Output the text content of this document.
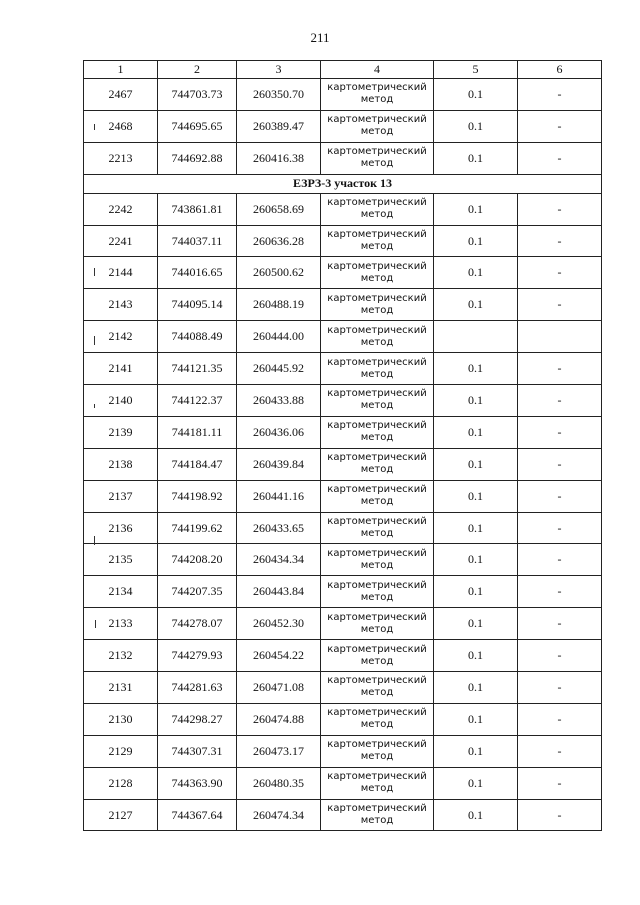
211
1	2	3	4	5	6
2467	744703.73	260350.70	картометрический
метод	0.1	-
2468	744695.65	260389.47	картометрический
метод	0.1	-
2213	744692.88	260416.38	картометрический
метод	0.1	-
ЕЗРЗ-3 участок 13					
2242	743861.81	260658.69	картометрический
метод	0.1	-
2241	744037.11	260636.28	картометрический
метод	0.1	-
2144	744016.65	260500.62	картометрический
метод	0.1	-
2143	744095.14	260488.19	картометрический
метод	0.1	-
2142	744088.49	260444.00	картометрический
метод		

2141	744121.35	260445.92	картометрический
метод	0.1	-
2140	744122.37	260433.88	картометрический
метод	0.1	-
2139	744181.11	260436.06	картометрический
метод	0.1	-
2138	744184.47	260439.84	картометрический
метод	0.1	-
2137	744198.92	260441.16	картометрический
метод	0.1	-
2136	744199.62	260433.65	картометрический
метод	0.1	-
2135	744208.20	260434.34	картометрический
метод	0.1	-
2134	744207.35	260443.84	картометрический
метод	0.1	-
2133	744278.07	260452.30	картометрический
метод	0.1	-
2132	744279.93	260454.22	картометрический
метод	0.1	-
2131	744281.63	260471.08	картометрический
метод	0.1	-
2130	744298.27	260474.88	картометрический
метод	0.1	-
2129	744307.31	260473.17	картометрический
метод	0.1	-
2128	744363.90	260480.35	картометрический
метод	0.1	-
2127	744367.64	260474.34	картометрический
метод	0.1	-
